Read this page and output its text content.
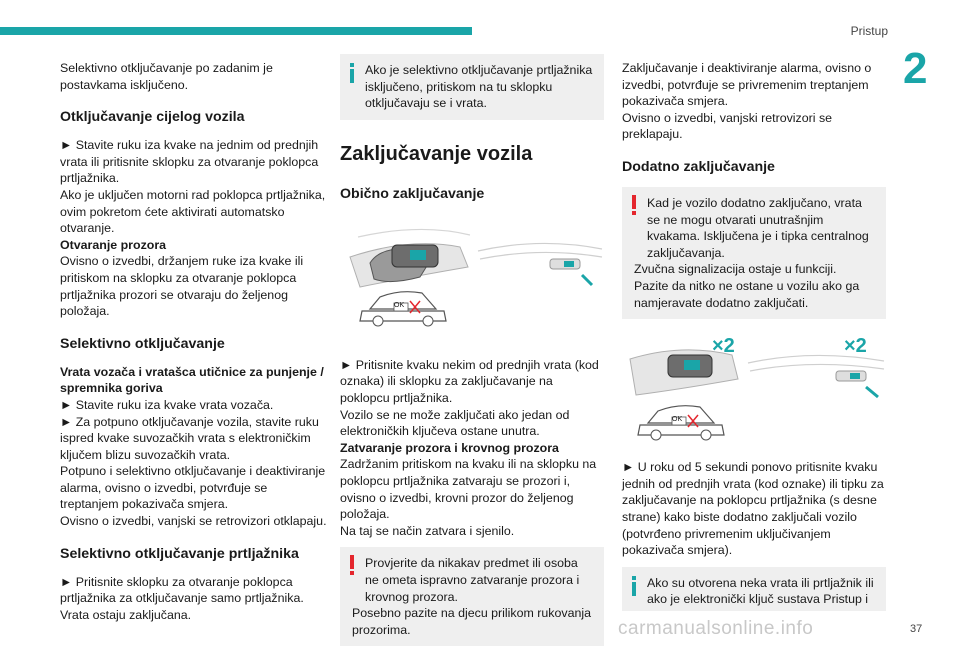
Pristup
2

Selektivno otključavanje po zadanim je postavkama isključeno.

Otključavanje cijelog vozila

► Stavite ruku iza kvake na jednim od prednjih vrata ili pritisnite sklopku za otvaranje poklopca prtljažnika.

Ako je uključen motorni rad poklopca prtljažnika, ovim pokretom ćete aktivirati automatsko otvaranje.

Otvaranje prozora

Ovisno o izvedbi, držanjem ruke iza kvake ili pritiskom na sklopku za otvaranje poklopca prtljažnika prozori se otvaraju do željenog položaja.

Selektivno otključavanje

Vrata vozača i vratašca utičnice za punjenje / spremnika goriva

► Stavite ruku iza kvake vrata vozača.

► Za potpuno otključavanje vozila, stavite ruku ispred kvake suvozačkih vrata s elektroničkim ključem blizu suvozačkih vrata.

Potpuno i selektivno otključavanje i deaktiviranje alarma, ovisno o izvedbi, potvrđuje se treptanjem pokazivača smjera.

Ovisno o izvedbi, vanjski se retrovizori otklapaju.

Selektivno otključavanje prtljažnika

► Pritisnite sklopku za otvaranje poklopca prtljažnika za otključavanje samo prtljažnika. Vrata ostaju zaključana.

Ako je selektivno otključavanje prtljažnika isključeno, pritiskom na tu sklopku otključavaju se i vrata.

Zaključavanje vozila
Obično zaključavanje
OK

► Pritisnite kvaku nekim od prednjih vrata (kod oznaka) ili sklopku za zaključavanje na poklopcu prtljažnika.

Vozilo se ne može zaključati ako jedan od elektroničkih ključeva ostane unutra.

Zatvaranje prozora i krovnog prozora

Zadržanim pritiskom na kvaku ili na sklopku na poklopcu prtljažnika zatvaraju se prozori i, ovisno o izvedbi, krovni prozor do željenog položaja.

Na taj se način zatvara i sjenilo.

Provjerite da nikakav predmet ili osoba ne ometa ispravno zatvaranje prozora i krovnog prozora.

Posebno pazite na djecu prilikom rukovanja prozorima.

Zaključavanje i deaktiviranje alarma, ovisno o izvedbi, potvrđuje se privremenim treptanjem pokazivača smjera.

Ovisno o izvedbi, vanjski retrovizori se preklapaju.

Dodatno zaključavanje

Kad je vozilo dodatno zaključano, vrata se ne mogu otvarati unutrašnjim kvakama. Isključena je i tipka centralnog zaključavanja.

Zvučna signalizacija ostaje u funkciji.

Pazite da nitko ne ostane u vozilu ako ga namjeravate dodatno zaključati.

×2	×2
OK

► U roku od 5 sekundi ponovo pritisnite kvaku jednih od prednjih vrata (kod oznake) ili tipku za zaključavanje na poklopcu prtljažnika (s desne strane) kako biste dodatno zaključali vozilo (potvrđeno privremenim uključivanjem pokazivača smjera).

Ako su otvorena neka vrata ili prtljažnik ili ako je elektronički ključ sustava Pristup i

carmanualsonline.info	37
